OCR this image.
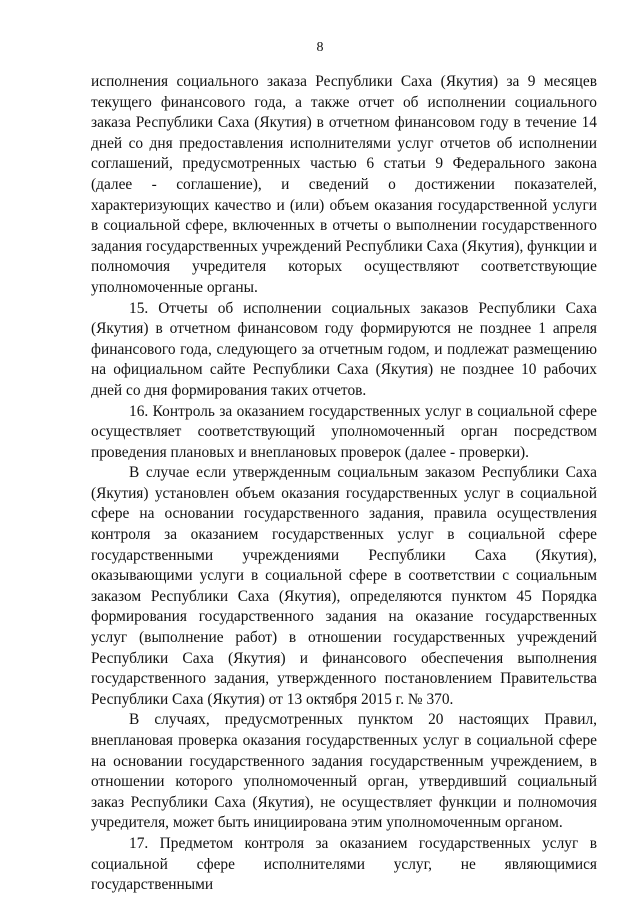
8

исполнения социального заказа Республики Саха (Якутия) за 9 месяцев текущего финансового года, а также отчет об исполнении социального заказа Республики Саха (Якутия) в отчетном финансовом году в течение 14 дней со дня предоставления исполнителями услуг отчетов об исполнении соглашений, предусмотренных частью 6 статьи 9 Федерального закона (далее - соглашение), и сведений о достижении показателей, характеризующих качество и (или) объем оказания государственной услуги в социальной сфере, включенных в отчеты о выполнении государственного задания государственных учреждений Республики Саха (Якутия), функции и полномочия учредителя которых осуществляют соответствующие уполномоченные органы.

15. Отчеты об исполнении социальных заказов Республики Саха (Якутия) в отчетном финансовом году формируются не позднее 1 апреля финансового года, следующего за отчетным годом, и подлежат размещению на официальном сайте Республики Саха (Якутия) не позднее 10 рабочих дней со дня формирования таких отчетов.

16. Контроль за оказанием государственных услуг в социальной сфере осуществляет соответствующий уполномоченный орган посредством проведения плановых и внеплановых проверок (далее - проверки).

В случае если утвержденным социальным заказом Республики Саха (Якутия) установлен объем оказания государственных услуг в социальной сфере на основании государственного задания, правила осуществления контроля за оказанием государственных услуг в социальной сфере государственными учреждениями Республики Саха (Якутия), оказывающими услуги в социальной сфере в соответствии с социальным заказом Республики Саха (Якутия), определяются пунктом 45 Порядка формирования государственного задания на оказание государственных услуг (выполнение работ) в отношении государственных учреждений Республики Саха (Якутия) и финансового обеспечения выполнения государственного задания, утвержденного постановлением Правительства Республики Саха (Якутия) от 13 октября 2015 г. № 370.

В случаях, предусмотренных пунктом 20 настоящих Правил, внеплановая проверка оказания государственных услуг в социальной сфере на основании государственного задания государственным учреждением, в отношении которого уполномоченный орган, утвердивший социальный заказ Республики Саха (Якутия), не осуществляет функции и полномочия учредителя, может быть инициирована этим уполномоченным органом.

17. Предметом контроля за оказанием государственных услуг в социальной сфере исполнителями услуг, не являющимися государственными
